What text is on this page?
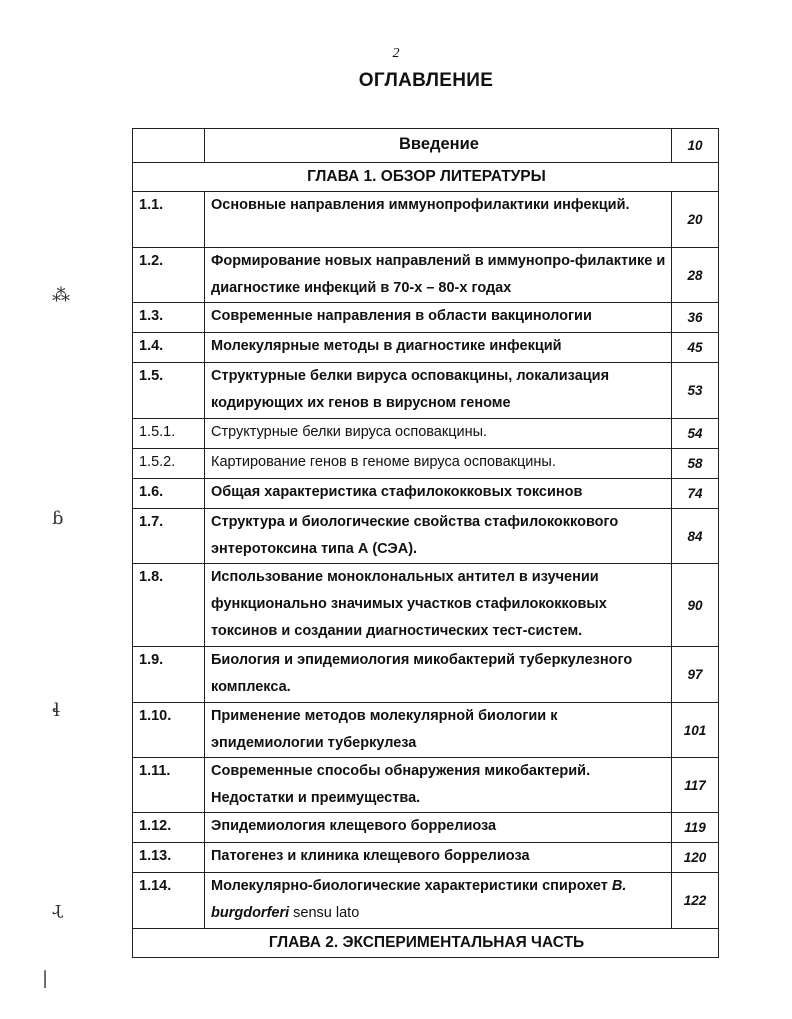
2
ОГЛАВЛЕНИЕ
⁂
ɓ
ɬ
ɻ
|
	Введение	10
ГЛАВА 1. ОБЗОР ЛИТЕРАТУРЫ		
1.1.	Основные направления иммунопрофилактики инфекций.	20
1.2.	Формирование новых направлений в иммунопро-филактике и диагностике инфекций в 70-х – 80-х годах	28
1.3.	Современные направления в области вакцинологии	36
1.4.	Молекулярные методы в диагностике инфекций	45
1.5.	Структурные белки вируса осповакцины, локализация кодирующих их генов в вирусном геноме	53
1.5.1.	Структурные белки вируса осповакцины.	54
1.5.2.	Картирование генов в геноме вируса осповакцины.	58
1.6.	Общая характеристика стафилококковых токсинов	74
1.7.	Структура и биологические свойства стафилококкового энтеротоксина типа А (СЭА).	84
1.8.	Использование моноклональных антител в изучении функционально значимых участков стафилококковых токсинов и создании диагностических тест-систем.	90
1.9.	Биология и эпидемиология микобактерий туберкулезного комплекса.	97
1.10.	Применение методов молекулярной биологии к эпидемиологии туберкулеза	101
1.11.	Современные способы обнаружения микобактерий. Недостатки и преимущества.	117
1.12.	Эпидемиология клещевого боррелиоза	119
1.13.	Патогенез и клиника клещевого боррелиоза	120
1.14.	Молекулярно-биологические характеристики спирохет B. burgdorferi sensu lato	122
ГЛАВА 2. ЭКСПЕРИМЕНТАЛЬНАЯ ЧАСТЬ		
